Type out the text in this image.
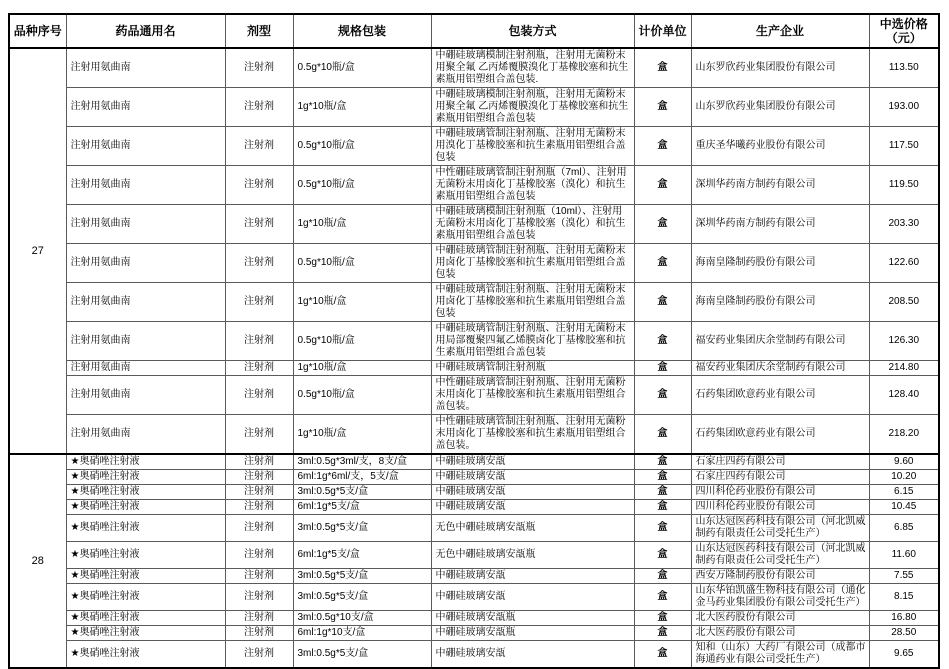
品种序号	药品通用名	剂型	规格包装	包装方式	计价单位	生产企业	中选价格（元）
27	注射用氨曲南	注射剂	0.5g*10瓶/盒	中硼硅玻璃模制注射剂瓶，注射用无菌粉末用聚全氟 乙丙烯覆膜溴化丁基橡胶塞和抗生素瓶用铝塑组合盖包装.	盒	山东罗欣药业集团股份有限公司	113.50
	注射用氨曲南	注射剂	1g*10瓶/盒	中硼硅玻璃模制注射剂瓶，注射用无菌粉末用聚全氟 乙丙烯覆膜溴化丁基橡胶塞和抗生素瓶用铝塑组合盖包装	盒	山东罗欣药业集团股份有限公司	193.00
	注射用氨曲南	注射剂	0.5g*10瓶/盒	中硼硅玻璃管制注射剂瓶、注射用无菌粉末用溴化丁基橡胶塞和抗生素瓶用铝塑组合盖包装	盒	重庆圣华曦药业股份有限公司	117.50
	注射用氨曲南	注射剂	0.5g*10瓶/盒	中性硼硅玻璃管制注射剂瓶（7ml）、注射用无菌粉末用卤化丁基橡胶塞（溴化）和抗生素瓶用铝塑组合盖包装	盒	深圳华药南方制药有限公司	119.50
	注射用氨曲南	注射剂	1g*10瓶/盒	中硼硅玻璃模制注射剂瓶（10ml）、注射用无菌粉末用卤化丁基橡胶塞（溴化）和抗生素瓶用铝塑组合盖包装	盒	深圳华药南方制药有限公司	203.30
	注射用氨曲南	注射剂	0.5g*10瓶/盒	中硼硅玻璃管制注射剂瓶、注射用无菌粉末用卤化丁基橡胶塞和抗生素瓶用铝塑组合盖包装	盒	海南皇隆制药股份有限公司	122.60
	注射用氨曲南	注射剂	1g*10瓶/盒	中硼硅玻璃管制注射剂瓶、注射用无菌粉末用卤化丁基橡胶塞和抗生素瓶用铝塑组合盖包装	盒	海南皇隆制药股份有限公司	208.50
	注射用氨曲南	注射剂	0.5g*10瓶/盒	中硼硅玻璃管制注射剂瓶、注射用无菌粉末用局部覆聚四氟乙烯膜卤化丁基橡胶塞和抗生素瓶用铝塑组合盖包装	盒	福安药业集团庆余堂制药有限公司	126.30
	注射用氨曲南	注射剂	1g*10瓶/盒	中硼硅玻璃管制注射剂瓶	盒	福安药业集团庆余堂制药有限公司	214.80
	注射用氨曲南	注射剂	0.5g*10瓶/盒	中性硼硅玻璃管制注射剂瓶、注射用无菌粉末用卤化丁基橡胶塞和抗生素瓶用铝塑组合盖包装。	盒	石药集团欧意药业有限公司	128.40
	注射用氨曲南	注射剂	1g*10瓶/盒	中性硼硅玻璃管制注射剂瓶、注射用无菌粉末用卤化丁基橡胶塞和抗生素瓶用铝塑组合盖包装。	盒	石药集团欧意药业有限公司	218.20
28	★奥硝唑注射液	注射剂	3ml:0.5g*3ml/支，8支/盒	中硼硅玻璃安瓿	盒	石家庄四药有限公司	9.60
	★奥硝唑注射液	注射剂	6ml:1g*6ml/支，5支/盒	中硼硅玻璃安瓿	盒	石家庄四药有限公司	10.20
	★奥硝唑注射液	注射剂	3ml:0.5g*5支/盒	中硼硅玻璃安瓿	盒	四川科伦药业股份有限公司	6.15
	★奥硝唑注射液	注射剂	6ml:1g*5支/盒	中硼硅玻璃安瓿	盒	四川科伦药业股份有限公司	10.45
	★奥硝唑注射液	注射剂	3ml:0.5g*5支/盒	无色中硼硅玻璃安瓿瓶	盒	山东达冠医药科技有限公司（河北凯威制药有限责任公司受托生产）	6.85
	★奥硝唑注射液	注射剂	6ml:1g*5支/盒	无色中硼硅玻璃安瓿瓶	盒	山东达冠医药科技有限公司（河北凯威制药有限责任公司受托生产）	11.60
	★奥硝唑注射液	注射剂	3ml:0.5g*5支/盒	中硼硅玻璃安瓿	盒	西安万隆制药股份有限公司	7.55
	★奥硝唑注射液	注射剂	3ml:0.5g*5支/盒	中硼硅玻璃安瓿	盒	山东华铂凯盛生物科技有限公司（通化金马药业集团股份有限公司受托生产）	8.15
	★奥硝唑注射液	注射剂	3ml:0.5g*10支/盒	中硼硅玻璃安瓿瓶	盒	北大医药股份有限公司	16.80
	★奥硝唑注射液	注射剂	6ml:1g*10支/盒	中硼硅玻璃安瓿瓶	盒	北大医药股份有限公司	28.50
	★奥硝唑注射液	注射剂	3ml:0.5g*5支/盒	中硼硅玻璃安瓿	盒	知和（山东）大药厂有限公司（成都市海通药业有限公司受托生产）	9.65
